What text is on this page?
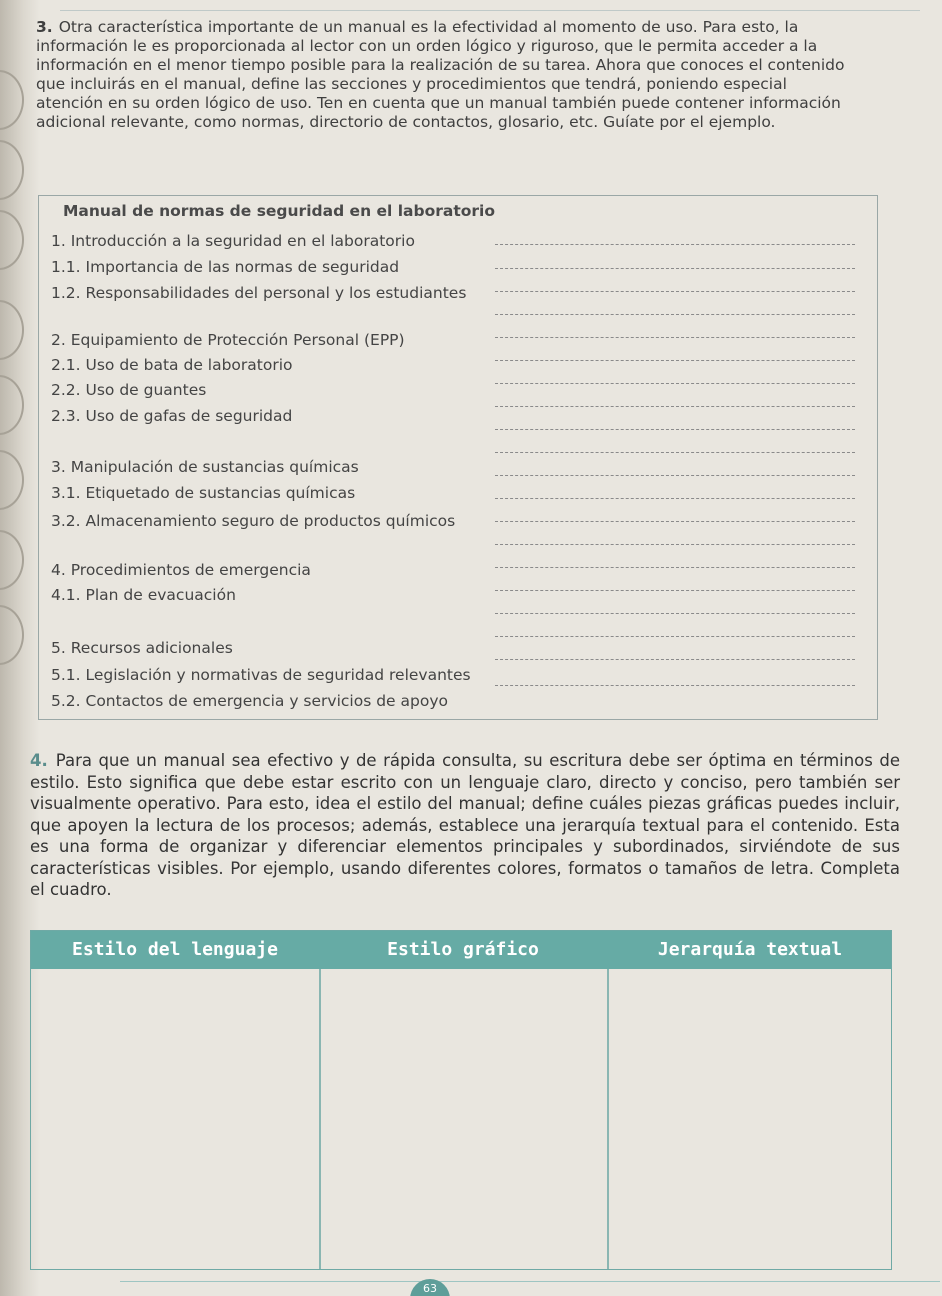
3. Otra característica importante de un manual es la efectividad al momento de uso. Para esto, la información le es proporcionada al lector con un orden lógico y riguroso, que le permita acceder a la información en el menor tiempo posible para la realización de su tarea. Ahora que conoces el contenido que incluirás en el manual, define las secciones y procedimientos que tendrá, poniendo especial atención en su orden lógico de uso. Ten en cuenta que un manual también puede contener información adicional relevante, como normas, directorio de contactos, glosario, etc. Guíate por el ejemplo.
Manual de normas de seguridad en el laboratorio
1. Introducción a la seguridad en el laboratorio
1.1. Importancia de las normas de seguridad
1.2. Responsabilidades del personal y los estudiantes
2. Equipamiento de Protección Personal (EPP)
2.1. Uso de bata de laboratorio
2.2. Uso de guantes
2.3. Uso de gafas de seguridad
3. Manipulación de sustancias químicas
3.1. Etiquetado de sustancias químicas
3.2. Almacenamiento seguro de productos químicos
4. Procedimientos de emergencia
4.1. Plan de evacuación
5. Recursos adicionales
5.1. Legislación y normativas de seguridad relevantes
5.2. Contactos de emergencia y servicios de apoyo
4. Para que un manual sea efectivo y de rápida consulta, su escritura debe ser óptima en términos de estilo. Esto significa que debe estar escrito con un lenguaje claro, directo y conciso, pero también ser visualmente operativo. Para esto, idea el estilo del manual; define cuáles piezas gráficas puedes incluir, que apoyen la lectura de los procesos; además, establece una jerarquía textual para el contenido. Esta es una forma de organizar y diferenciar elementos principales y subordinados, sirviéndote de sus características visibles. Por ejemplo, usando diferentes colores, formatos o tamaños de letra. Completa el cuadro.
Estilo del lenguaje	Estilo gráfico	Jerarquía textual
63
